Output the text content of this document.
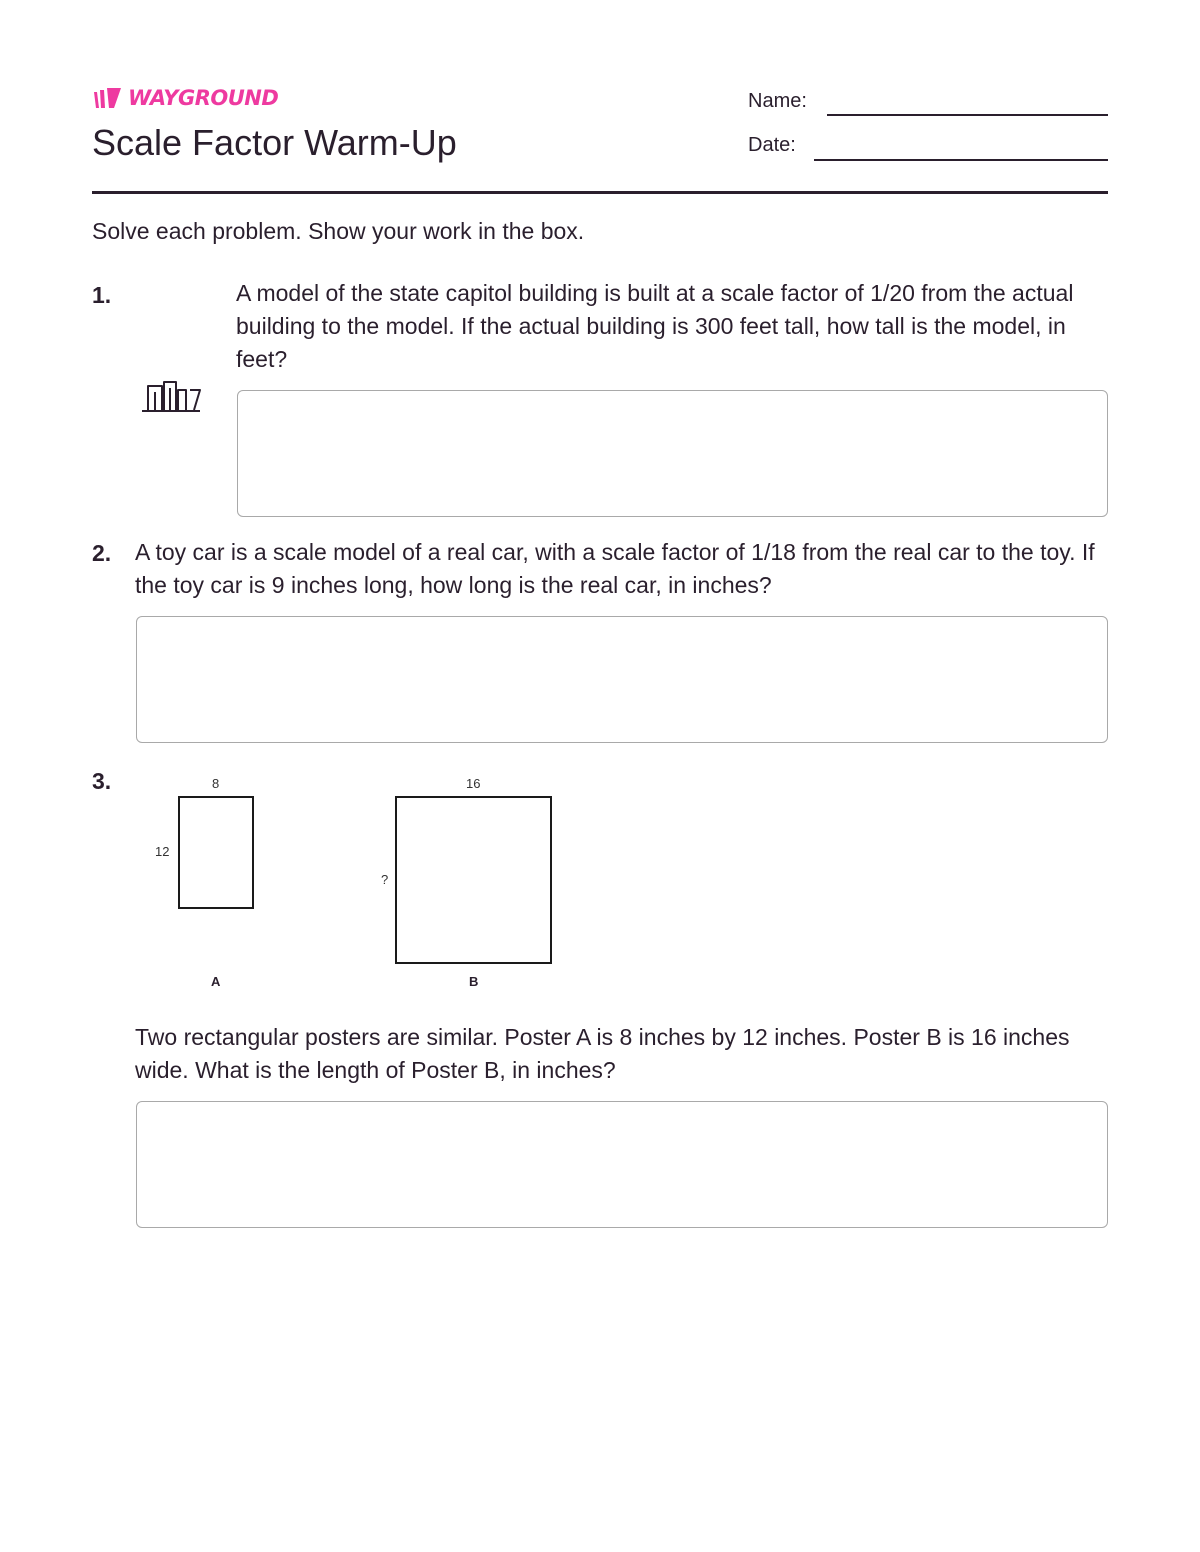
WAYGROUND
Scale Factor Warm-Up
Name:
Date:
Solve each problem. Show your work in the box.
1.	A model of the state capitol building is built at a scale factor of 1/20 from the actual building to the model. If the actual building is 300 feet tall, how tall is the model, in feet?
2. A toy car is a scale model of a real car, with a scale factor of 1/18 from the real car to the toy. If the toy car is 9 inches long, how long is the real car, in inches?
3.	8
12
A
16
?
B
Two rectangular posters are similar. Poster A is 8 inches by 12 inches. Poster B is 16 inches wide. What is the length of Poster B, in inches?
